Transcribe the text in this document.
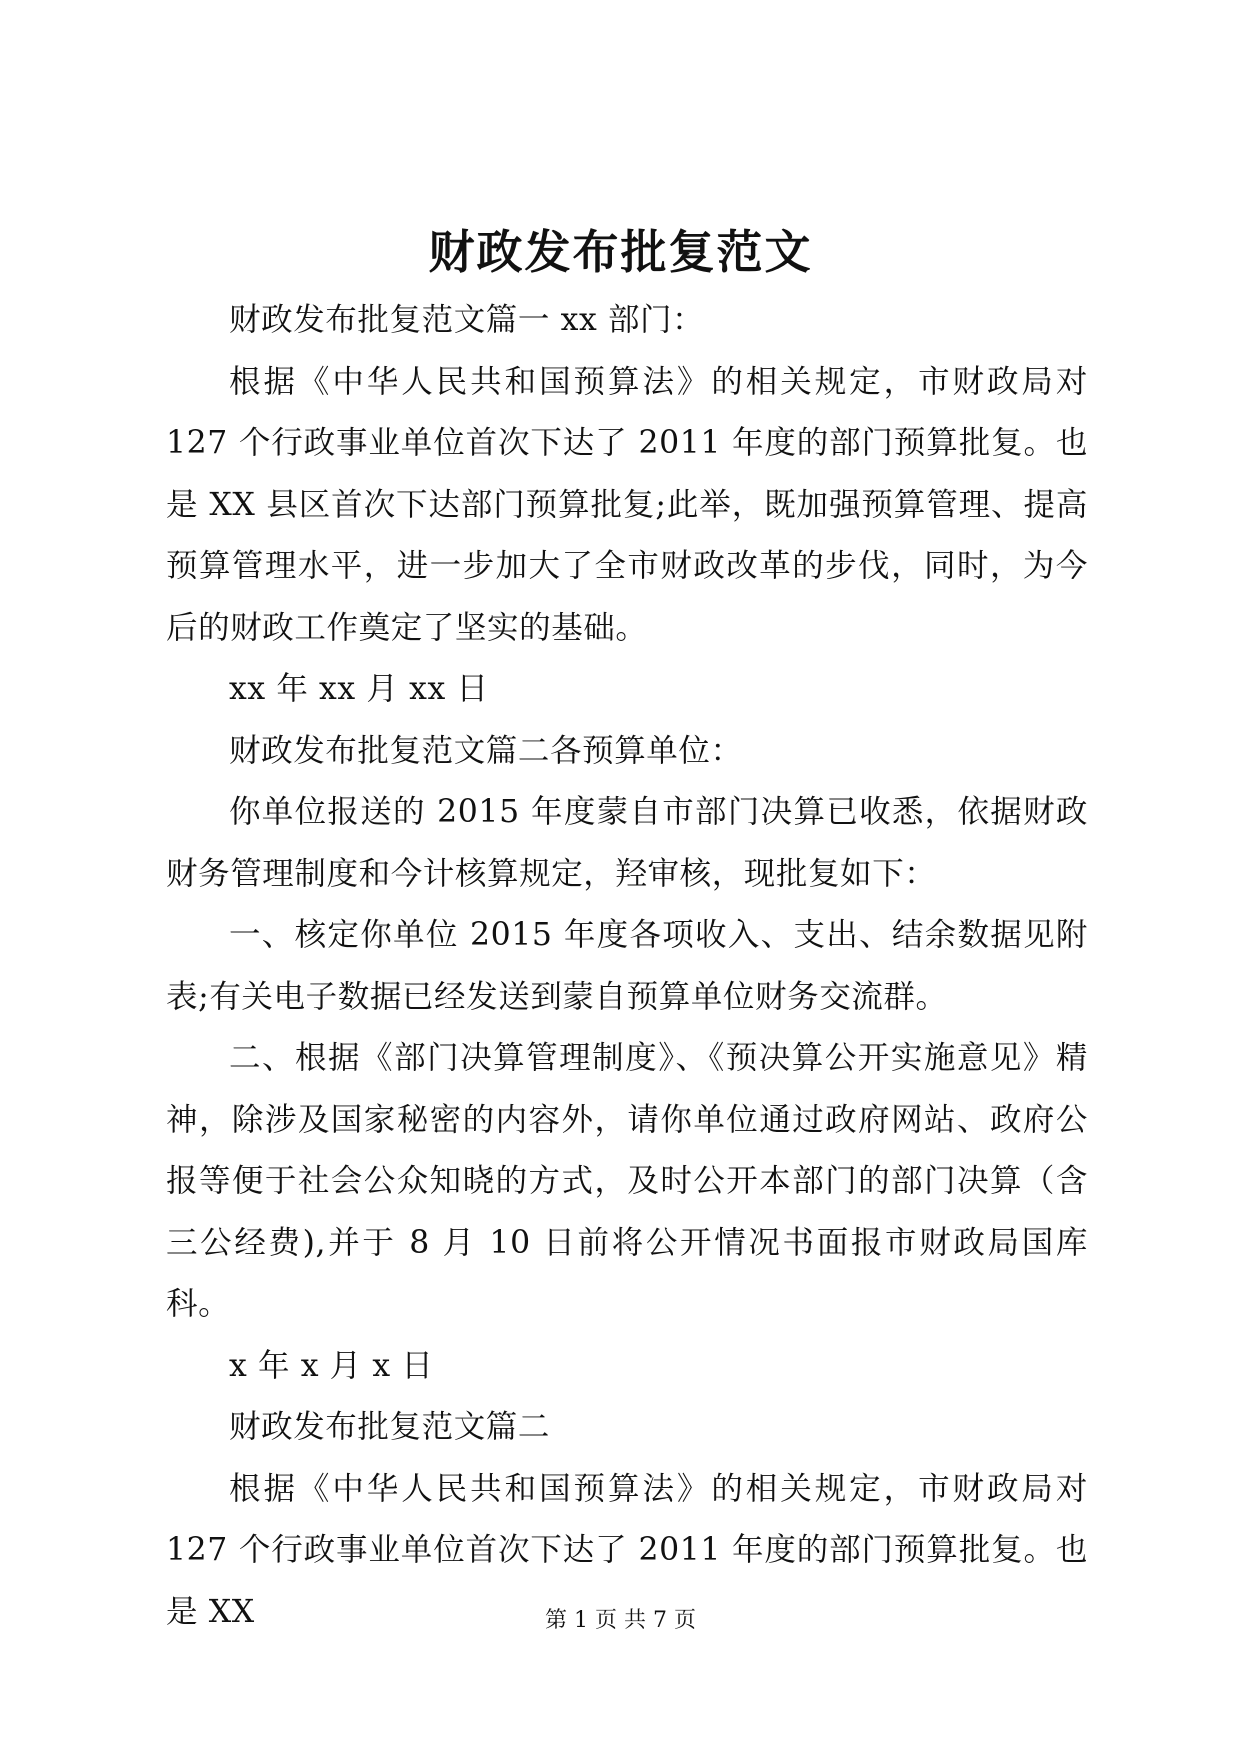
财政发布批复范文

财政发布批复范文篇一 xx 部门：

根据《中华人民共和国预算法》的相关规定，市财政局对 127 个行政事业单位首次下达了 2011 年度的部门预算批复。也是 XX 县区首次下达部门预算批复;此举，既加强预算管理、提高预算管理水平，进一步加大了全市财政改革的步伐，同时，为今后的财政工作奠定了坚实的基础。

xx 年 xx 月 xx 日

财政发布批复范文篇二各预算单位：

你单位报送的 2015 年度蒙自市部门决算已收悉，依据财政财务管理制度和今计核算规定，羟审核，现批复如下：

一、核定你单位 2015 年度各项收入、支出、结余数据见附表;有关电子数据已经发送到蒙自预算单位财务交流群。

二、根据《部门决算管理制度》、《预决算公开实施意见》精神，除涉及国家秘密的内容外，请你单位通过政府网站、政府公报等便于社会公众知晓的方式，及时公开本部门的部门决算（含三公经费),并于 8 月 10 日前将公开情况书面报市财政局国库科。

x 年 x 月 x 日

财政发布批复范文篇二

根据《中华人民共和国预算法》的相关规定，市财政局对 127 个行政事业单位首次下达了 2011 年度的部门预算批复。也是 XX	第 1 页 共 7 页
